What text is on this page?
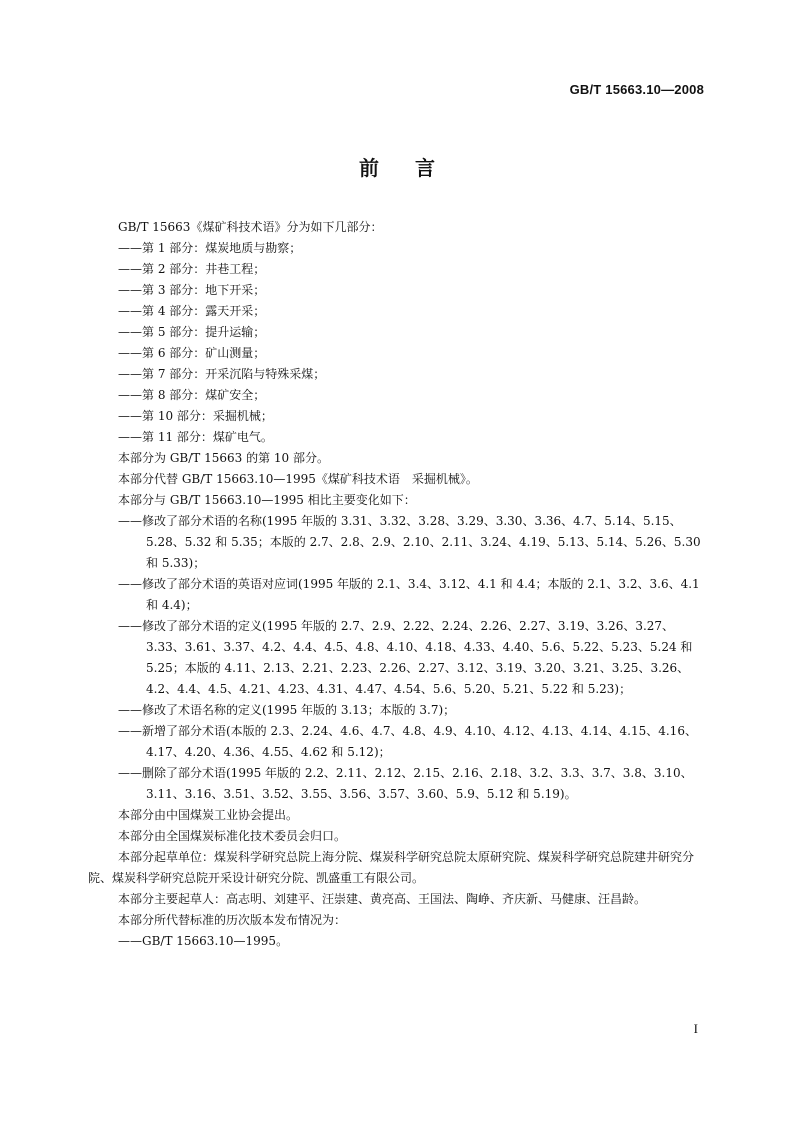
GB/T 15663.10—2008
前言
GB/T 15663《煤矿科技术语》分为如下几部分：
——第 1 部分：煤炭地质与勘察；
——第 2 部分：井巷工程；
——第 3 部分：地下开采；
——第 4 部分：露天开采；
——第 5 部分：提升运输；
——第 6 部分：矿山测量；
——第 7 部分：开采沉陷与特殊采煤；
——第 8 部分：煤矿安全；
——第 10 部分：采掘机械；
——第 11 部分：煤矿电气。
本部分为 GB/T 15663 的第 10 部分。
本部分代替 GB/T 15663.10—1995《煤矿科技术语　采掘机械》。
本部分与 GB/T 15663.10—1995 相比主要变化如下：
——修改了部分术语的名称(1995 年版的 3.31、3.32、3.28、3.29、3.30、3.36、4.7、5.14、5.15、5.28、5.32 和 5.35；本版的 2.7、2.8、2.9、2.10、2.11、3.24、4.19、5.13、5.14、5.26、5.30 和 5.33)；
——修改了部分术语的英语对应词(1995 年版的 2.1、3.4、3.12、4.1 和 4.4；本版的 2.1、3.2、3.6、4.1 和 4.4)；
——修改了部分术语的定义(1995 年版的 2.7、2.9、2.22、2.24、2.26、2.27、3.19、3.26、3.27、3.33、3.61、3.37、4.2、4.4、4.5、4.8、4.10、4.18、4.33、4.40、5.6、5.22、5.23、5.24 和 5.25；本版的 4.11、2.13、2.21、2.23、2.26、2.27、3.12、3.19、3.20、3.21、3.25、3.26、4.2、4.4、4.5、4.21、4.23、4.31、4.47、4.54、5.6、5.20、5.21、5.22 和 5.23)；
——修改了术语名称的定义(1995 年版的 3.13；本版的 3.7)；
——新增了部分术语(本版的 2.3、2.24、4.6、4.7、4.8、4.9、4.10、4.12、4.13、4.14、4.15、4.16、4.17、4.20、4.36、4.55、4.62 和 5.12)；
——删除了部分术语(1995 年版的 2.2、2.11、2.12、2.15、2.16、2.18、3.2、3.3、3.7、3.8、3.10、3.11、3.16、3.51、3.52、3.55、3.56、3.57、3.60、5.9、5.12 和 5.19)。
本部分由中国煤炭工业协会提出。
本部分由全国煤炭标准化技术委员会归口。
本部分起草单位：煤炭科学研究总院上海分院、煤炭科学研究总院太原研究院、煤炭科学研究总院建井研究分院、煤炭科学研究总院开采设计研究分院、凯盛重工有限公司。
本部分主要起草人：高志明、刘建平、汪崇建、黄亮高、王国法、陶峥、齐庆新、马健康、汪昌龄。
本部分所代替标准的历次版本发布情况为：
——GB/T 15663.10—1995。
I
